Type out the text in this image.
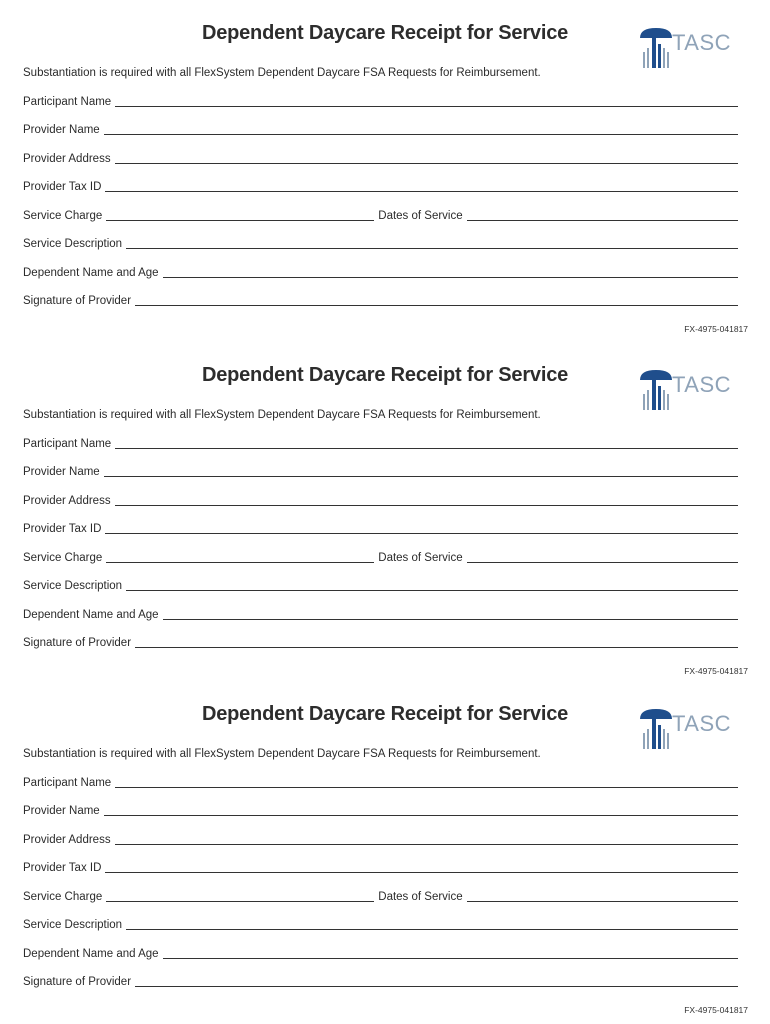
Dependent Daycare Receipt for Service	TASC
Substantiation is required with all FlexSystem Dependent Daycare FSA Requests for Reimbursement.
Participant Name
Provider Name
Provider Address
Provider Tax ID
Service Charge	Dates of Service
Service Description
Dependent Name and Age
Signature of Provider
FX-4975-041817
Dependent Daycare Receipt for Service	TASC
Substantiation is required with all FlexSystem Dependent Daycare FSA Requests for Reimbursement.
Participant Name
Provider Name
Provider Address
Provider Tax ID
Service Charge	Dates of Service
Service Description
Dependent Name and Age
Signature of Provider
FX-4975-041817
Dependent Daycare Receipt for Service	TASC
Substantiation is required with all FlexSystem Dependent Daycare FSA Requests for Reimbursement.
Participant Name
Provider Name
Provider Address
Provider Tax ID
Service Charge	Dates of Service
Service Description
Dependent Name and Age
Signature of Provider
FX-4975-041817
